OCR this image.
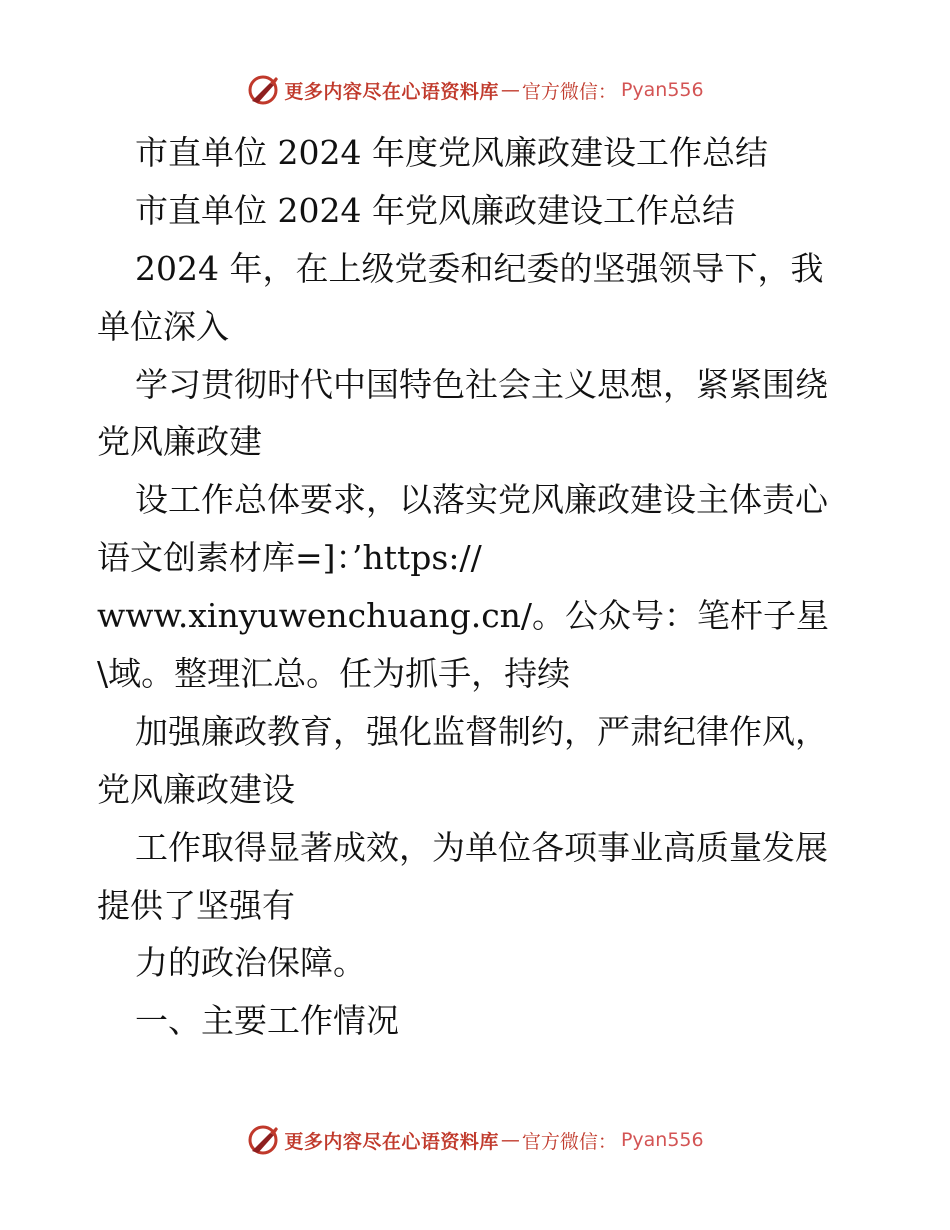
更多内容尽在心语资料库 — 官方微信： Pyan556
市直单位 2024 年度党风廉政建设工作总结
市直单位 2024 年党风廉政建设工作总结
2024 年，在上级党委和纪委的坚强领导下，我
单位深入
学习贯彻时代中国特色社会主义思想，紧紧围绕
党风廉政建
设工作总体要求，以落实党风廉政建设主体责心
语文创素材库=]：’https://
www.xinyuwenchuang.cn/。公众号：笔杆子星
\域。整理汇总。任为抓手，持续
加强廉政教育，强化监督制约，严肃纪律作风，
党风廉政建设
工作取得显著成效，为单位各项事业高质量发展
提供了坚强有
力的政治保障。
一、主要工作情况
更多内容尽在心语资料库 — 官方微信： Pyan556
